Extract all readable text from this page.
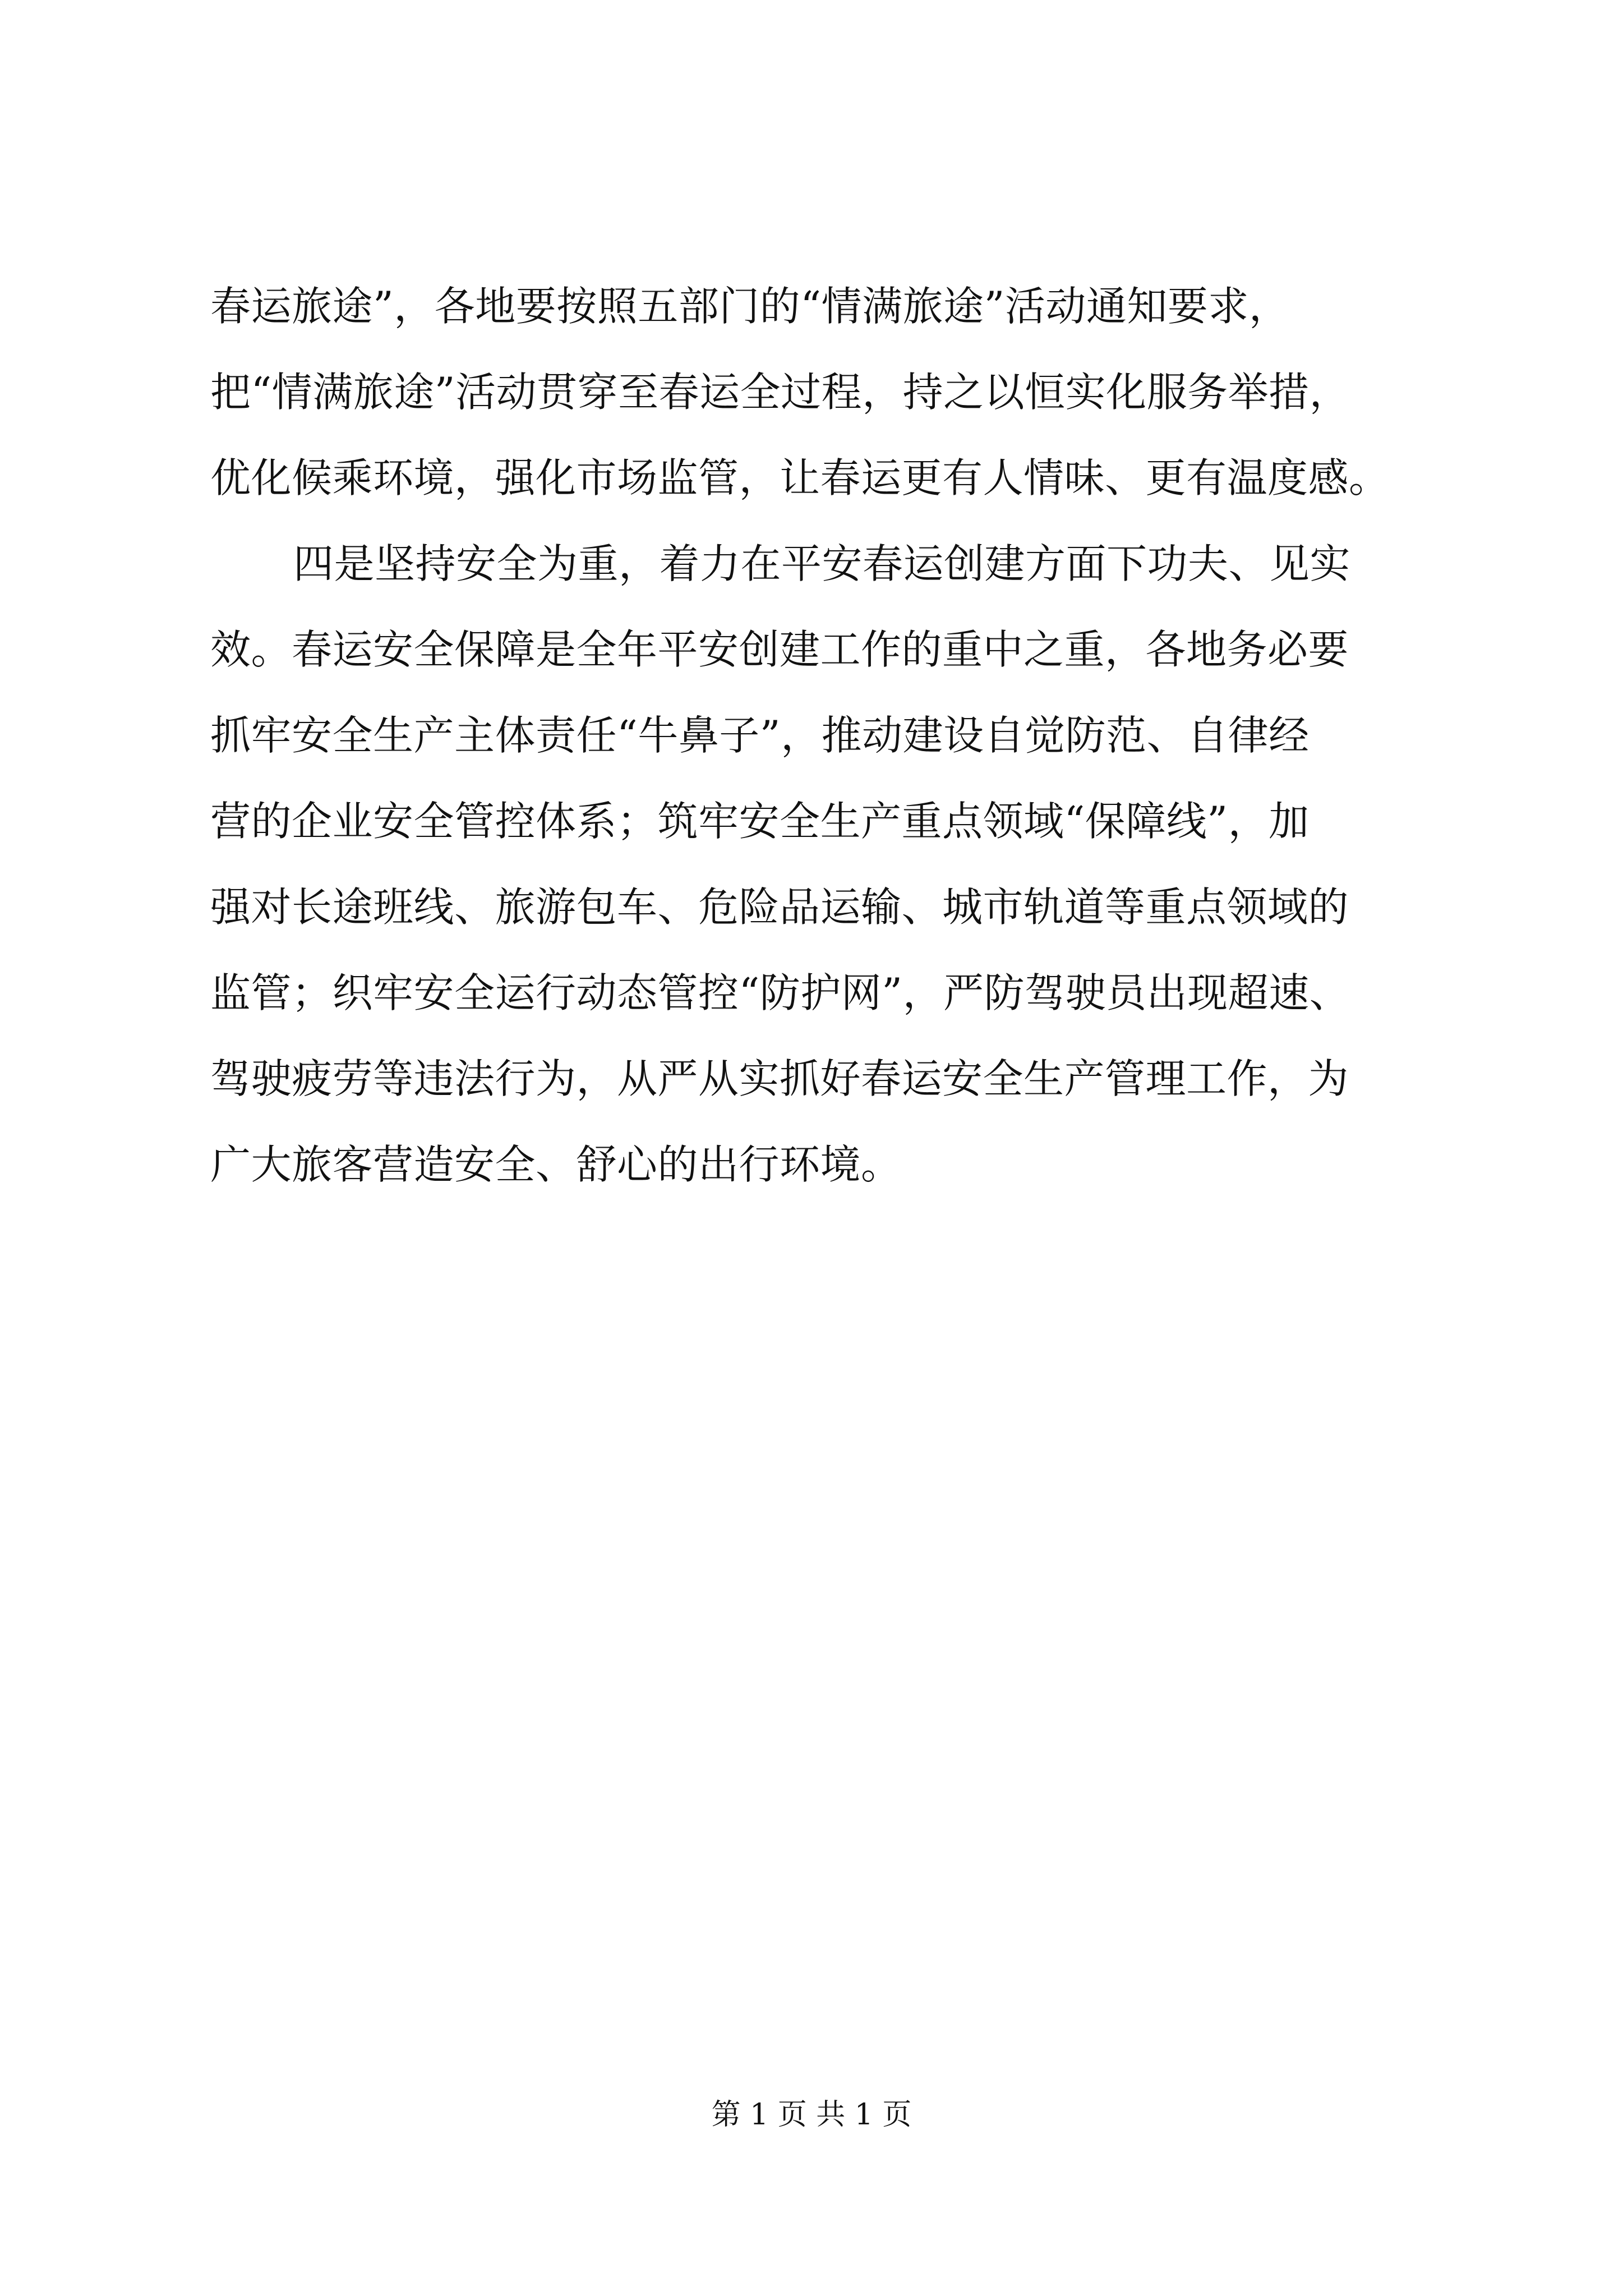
春运旅途”，各地要按照五部门的“情满旅途”活动通知要求，
把“情满旅途”活动贯穿至春运全过程，持之以恒实化服务举措，
优化候乘环境，强化市场监管，让春运更有人情味、更有温度感。
四是坚持安全为重，着力在平安春运创建方面下功夫、见实
效。春运安全保障是全年平安创建工作的重中之重，各地务必要
抓牢安全生产主体责任“牛鼻子”，推动建设自觉防范、自律经
营的企业安全管控体系；筑牢安全生产重点领域“保障线”，加
强对长途班线、旅游包车、危险品运输、城市轨道等重点领域的
监管；织牢安全运行动态管控“防护网”，严防驾驶员出现超速、
驾驶疲劳等违法行为，从严从实抓好春运安全生产管理工作，为
广大旅客营造安全、舒心的出行环境。
第 1 页 共 1 页
